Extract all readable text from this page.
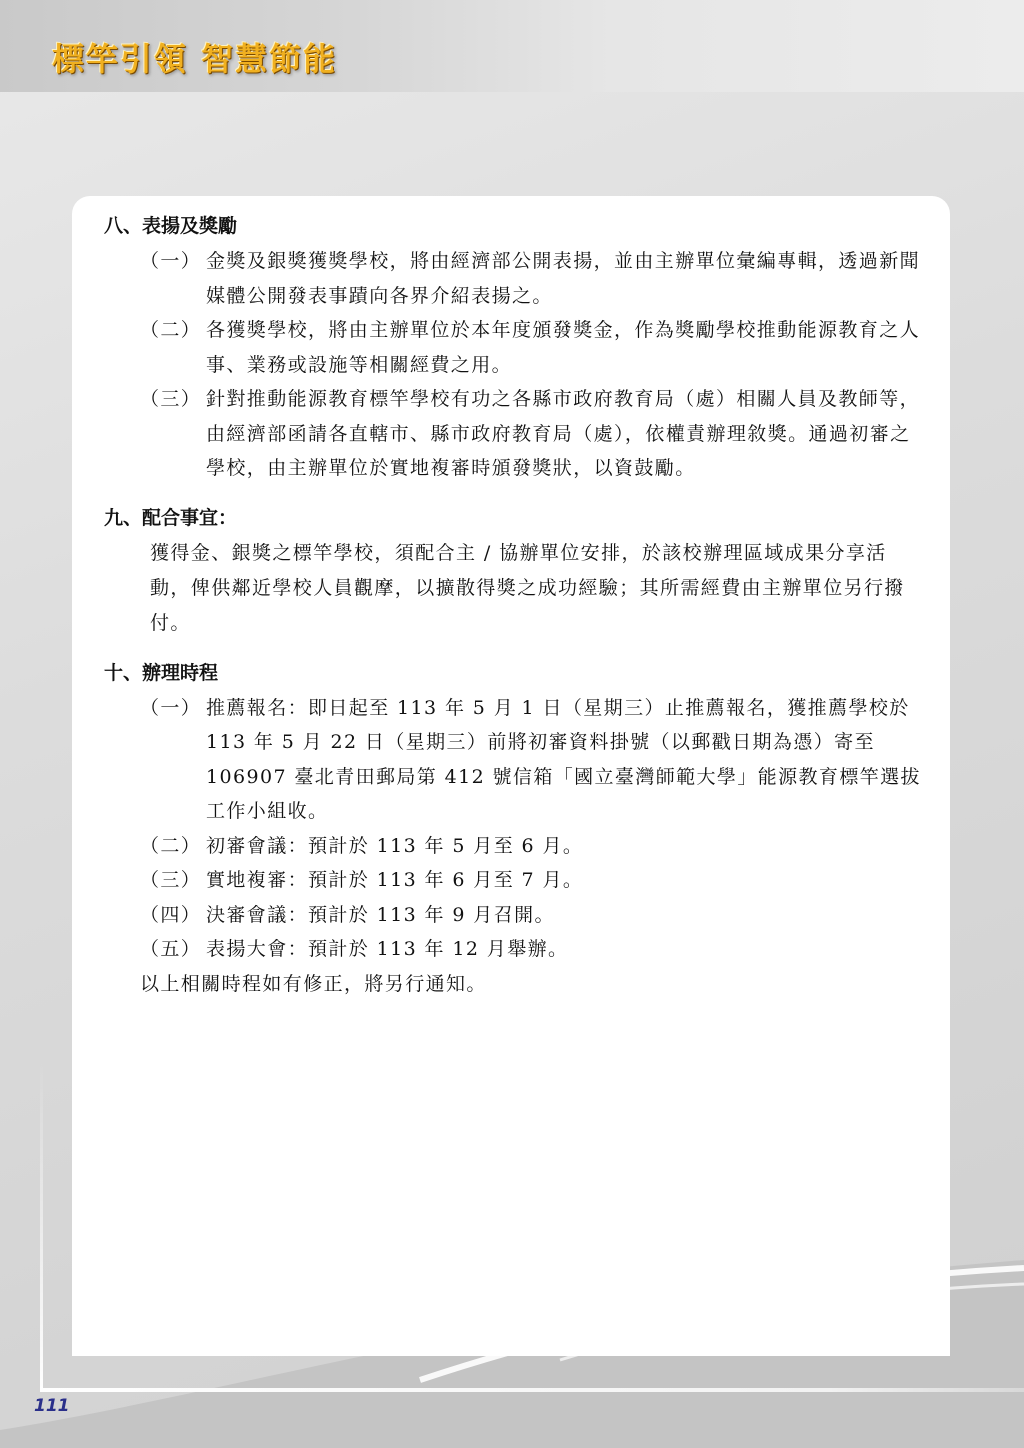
標竿引領 智慧節能
111
八、表揚及獎勵
（一） 金獎及銀獎獲獎學校，將由經濟部公開表揚，並由主辦單位彙編專輯，透過新聞媒體公開發表事蹟向各界介紹表揚之。
（二） 各獲獎學校，將由主辦單位於本年度頒發獎金，作為獎勵學校推動能源教育之人事、業務或設施等相關經費之用。
（三） 針對推動能源教育標竿學校有功之各縣市政府教育局（處）相關人員及教師等，由經濟部函請各直轄市、縣市政府教育局（處），依權責辦理敘獎。通過初審之學校，由主辦單位於實地複審時頒發獎狀，以資鼓勵。
九、配合事宜：
獲得金、銀獎之標竿學校，須配合主 / 協辦單位安排，於該校辦理區域成果分享活動，俾供鄰近學校人員觀摩，以擴散得獎之成功經驗；其所需經費由主辦單位另行撥付。
十、辦理時程
（一） 推薦報名：即日起至 113 年 5 月 1 日（星期三）止推薦報名，獲推薦學校於 113 年 5 月 22 日（星期三）前將初審資料掛號（以郵戳日期為憑）寄至 106907 臺北青田郵局第 412 號信箱「國立臺灣師範大學」能源教育標竿選拔工作小組收。
（二） 初審會議：預計於 113 年 5 月至 6 月。
（三） 實地複審：預計於 113 年 6 月至 7 月。
（四） 決審會議：預計於 113 年 9 月召開。
（五） 表揚大會：預計於 113 年 12 月舉辦。
以上相關時程如有修正，將另行通知。
